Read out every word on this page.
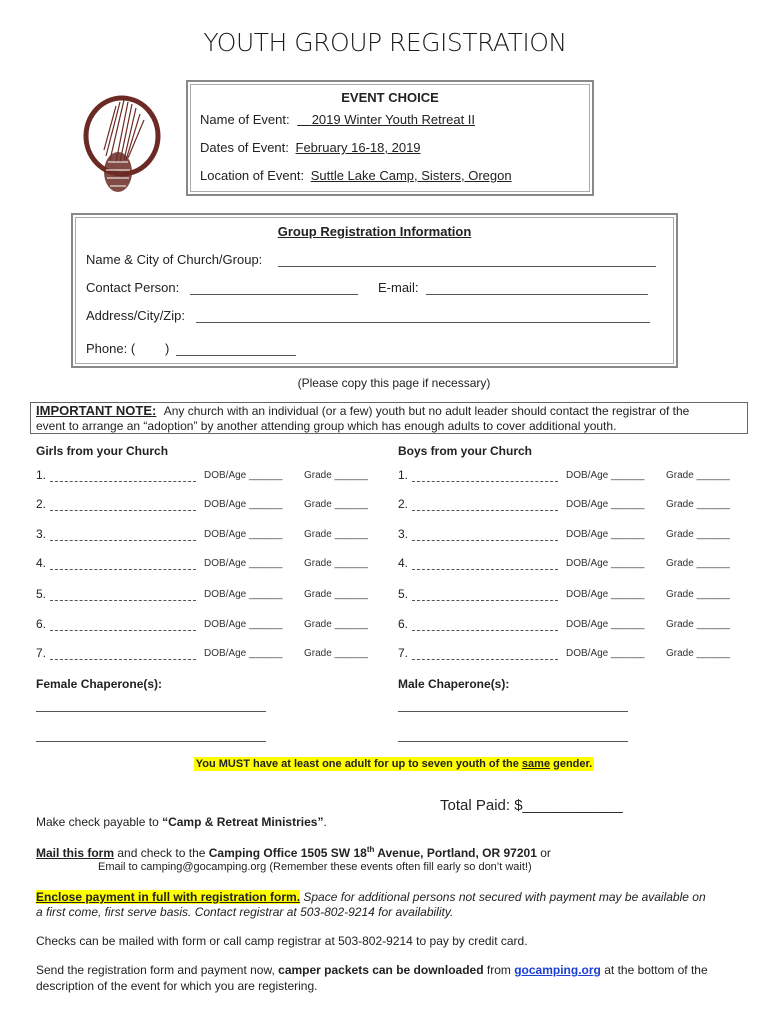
YOUTH GROUP REGISTRATION
EVENT CHOICE
Name of Event: 2019 Winter Youth Retreat II
Dates of Event: February 16-18, 2019
Location of Event: Suttle Lake Camp, Sisters, Oregon
Group Registration Information
Name & City of Church/Group:
Contact Person:	E-mail:
Address/City/Zip:
Phone: ( )
(Please copy this page if necessary)
IMPORTANT NOTE: Any church with an individual (or a few) youth but no adult leader should contact the registrar of the
event to arrange an “adoption” by another attending group which has enough adults to cover additional youth.
Girls from your Church	Boys from your Church
1.	DOB/Age ______ Grade ______	1.	DOB/Age ______ Grade ______
2.	DOB/Age ______ Grade ______	2.	DOB/Age ______ Grade ______
3.	DOB/Age ______ Grade ______	3.	DOB/Age ______ Grade ______
4.	DOB/Age ______ Grade ______	4.	DOB/Age ______ Grade ______
5.	DOB/Age ______ Grade ______	5.	DOB/Age ______ Grade ______
6.	DOB/Age ______ Grade ______	6.	DOB/Age ______ Grade ______
7.	DOB/Age ______ Grade ______	7.	DOB/Age ______ Grade ______
Female Chaperone(s):	Male Chaperone(s):
You MUST have at least one adult for up to seven youth of the same gender.
Total Paid: $____________
Make check payable to “Camp & Retreat Ministries”.
Mail this form and check to the Camping Office 1505 SW 18th Avenue, Portland, OR 97201 or
Email to camping@gocamping.org (Remember these events often fill early so don’t wait!)
Enclose payment in full with registration form. Space for additional persons not secured with payment may be available on
a first come, first serve basis. Contact registrar at 503-802-9214 for availability.
Checks can be mailed with form or call camp registrar at 503-802-9214 to pay by credit card.
Send the registration form and payment now, camper packets can be downloaded from gocamping.org at the bottom of the
description of the event for which you are registering.
